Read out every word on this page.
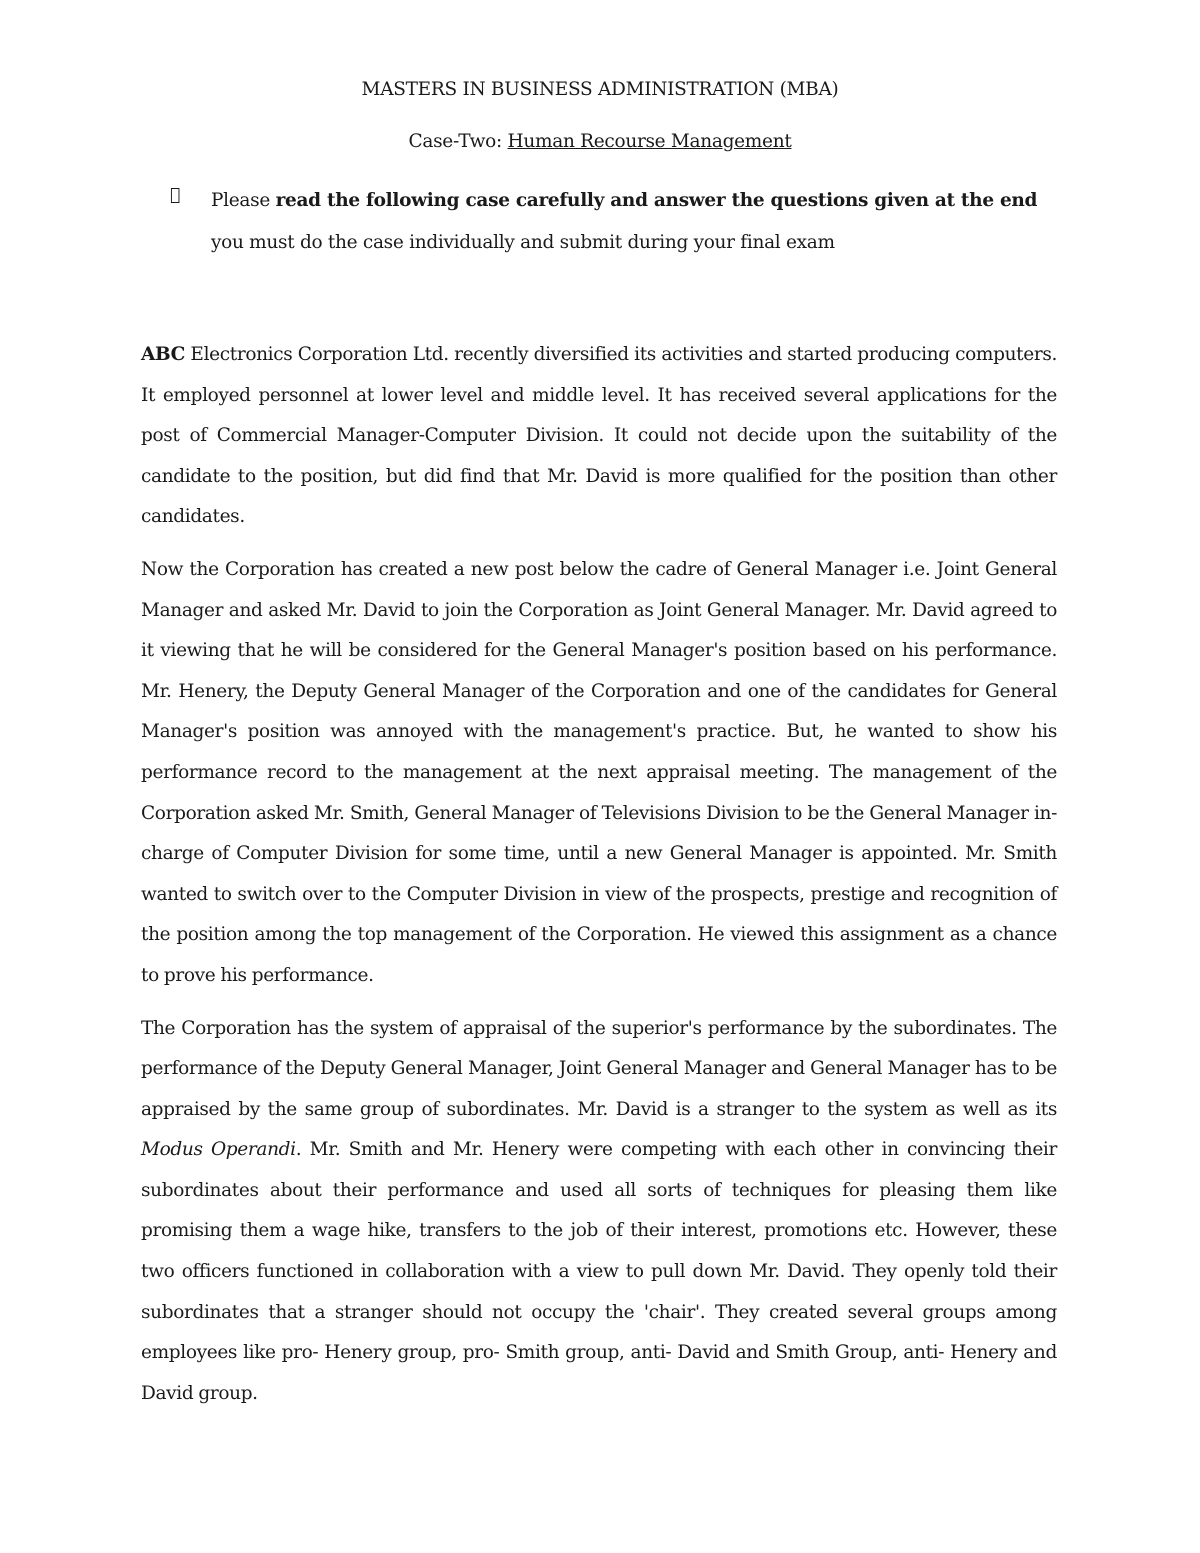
MASTERS IN BUSINESS ADMINISTRATION (MBA)
Case-Two: Human Recourse Management
Please read the following case carefully and answer the questions given at the end you must do the case individually and submit during your final exam

ABC Electronics Corporation Ltd. recently diversified its activities and started producing computers. It employed personnel at lower level and middle level. It has received several applications for the post of Commercial Manager-Computer Division. It could not decide upon the suitability of the candidate to the position, but did find that Mr. David is more qualified for the position than other candidates.

Now the Corporation has created a new post below the cadre of General Manager i.e. Joint General Manager and asked Mr. David to join the Corporation as Joint General Manager. Mr. David agreed to it viewing that he will be considered for the General Manager's position based on his performance. Mr. Henery, the Deputy General Manager of the Corporation and one of the candidates for General Manager's position was annoyed with the management's practice. But, he wanted to show his performance record to the management at the next appraisal meeting. The management of the Corporation asked Mr. Smith, General Manager of Televisions Division to be the General Manager in-charge of Computer Division for some time, until a new General Manager is appointed. Mr. Smith wanted to switch over to the Computer Division in view of the prospects, prestige and recognition of the position among the top management of the Corporation. He viewed this assignment as a chance to prove his performance.

The Corporation has the system of appraisal of the superior's performance by the subordinates. The performance of the Deputy General Manager, Joint General Manager and General Manager has to be appraised by the same group of subordinates. Mr. David is a stranger to the system as well as its Modus Operandi. Mr. Smith and Mr. Henery were competing with each other in convincing their subordinates about their performance and used all sorts of techniques for pleasing them like promising them a wage hike, transfers to the job of their interest, promotions etc. However, these two officers functioned in collaboration with a view to pull down Mr. David. They openly told their subordinates that a stranger should not occupy the 'chair'. They created several groups among employees like pro- Henery group, pro- Smith group, anti- David and Smith Group, anti- Henery and David group.
